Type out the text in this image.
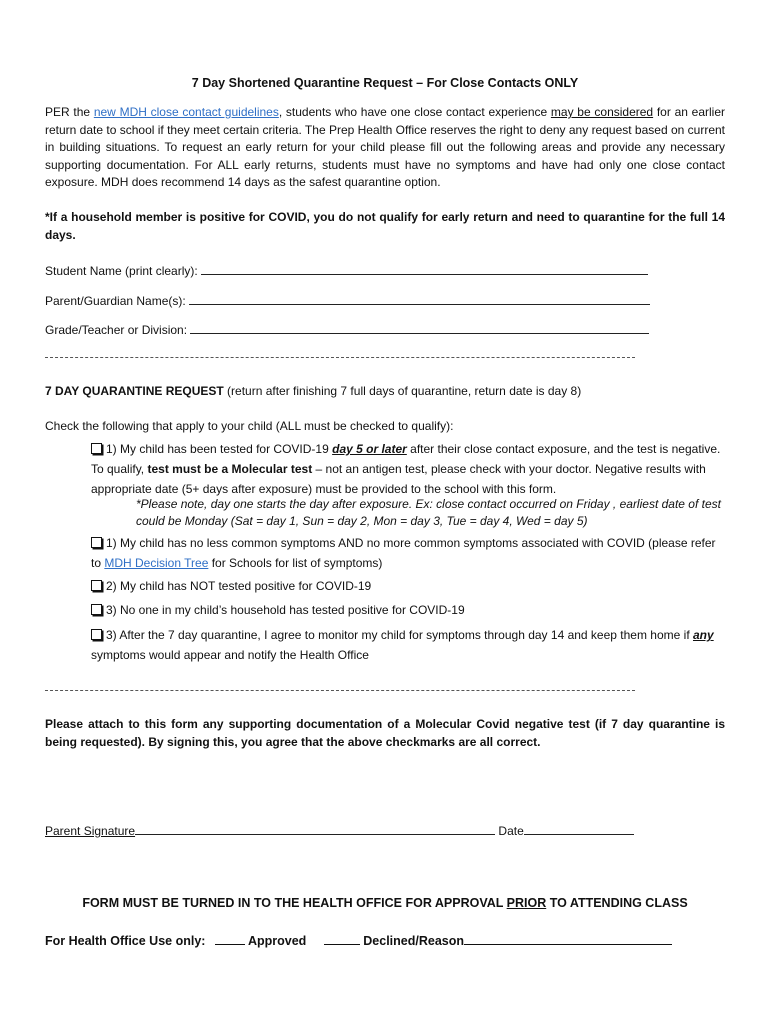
7 Day Shortened Quarantine Request – For Close Contacts ONLY
PER the new MDH close contact guidelines, students who have one close contact experience may be considered for an earlier return date to school if they meet certain criteria. The Prep Health Office reserves the right to deny any request based on current in building situations. To request an early return for your child please fill out the following areas and provide any necessary supporting documentation. For ALL early returns, students must have no symptoms and have had only one close contact exposure. MDH does recommend 14 days as the safest quarantine option.
*If a household member is positive for COVID, you do not qualify for early return and need to quarantine for the full 14 days.
Student Name (print clearly):
Parent/Guardian Name(s):
Grade/Teacher or Division:
7 DAY QUARANTINE REQUEST (return after finishing 7 full days of quarantine, return date is day 8)
Check the following that apply to your child (ALL must be checked to qualify):
1) My child has been tested for COVID-19 day 5 or later after their close contact exposure, and the test is negative. To qualify, test must be a Molecular test – not an antigen test, please check with your doctor. Negative results with appropriate date (5+ days after exposure) must be provided to the school with this form.
*Please note, day one starts the day after exposure. Ex: close contact occurred on Friday , earliest date of test could be Monday (Sat = day 1, Sun = day 2, Mon = day 3, Tue = day 4, Wed = day 5)
1) My child has no less common symptoms AND no more common symptoms associated with COVID (please refer to MDH Decision Tree for Schools for list of symptoms)
2) My child has NOT tested positive for COVID-19
3) No one in my child’s household has tested positive for COVID-19
3) After the 7 day quarantine, I agree to monitor my child for symptoms through day 14 and keep them home if any symptoms would appear and notify the Health Office
Please attach to this form any supporting documentation of a Molecular Covid negative test (if 7 day quarantine is being requested). By signing this, you agree that the above checkmarks are all correct.
Parent Signature	Date
FORM MUST BE TURNED IN TO THE HEALTH OFFICE FOR APPROVAL PRIOR TO ATTENDING CLASS
For Health Office Use only:	Approved	Declined/Reason
